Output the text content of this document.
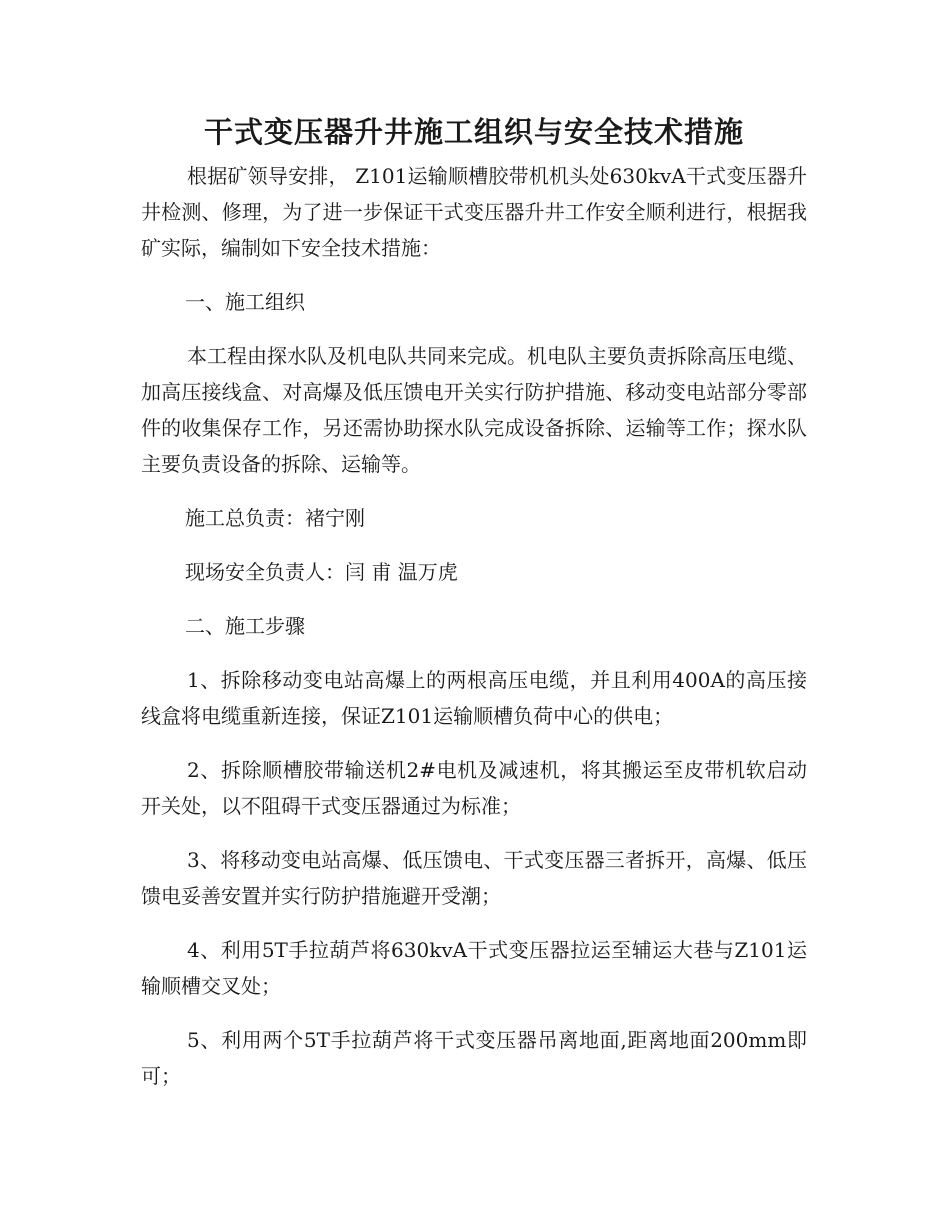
干式变压器升井施工组织与安全技术措施

根据矿领导安排， Z101运输顺槽胶带机机头处630kvA干式变压器升井检测、修理，为了进一步保证干式变压器升井工作安全顺利进行，根据我矿实际，编制如下安全技术措施：

一、施工组织

本工程由探水队及机电队共同来完成。机电队主要负责拆除高压电缆、加高压接线盒、对高爆及低压馈电开关实行防护措施、移动变电站部分零部件的收集保存工作，另还需协助探水队完成设备拆除、运输等工作；探水队主要负责设备的拆除、运输等。

施工总负责：褚宁刚

现场安全负责人：闫 甫 温万虎

二、施工步骤

1、拆除移动变电站高爆上的两根高压电缆，并且利用400A的高压接线盒将电缆重新连接，保证Z101运输顺槽负荷中心的供电；

2、拆除顺槽胶带输送机2#电机及减速机，将其搬运至皮带机软启动开关处，以不阻碍干式变压器通过为标准；

3、将移动变电站高爆、低压馈电、干式变压器三者拆开，高爆、低压馈电妥善安置并实行防护措施避开受潮；

4、利用5T手拉葫芦将630kvA干式变压器拉运至辅运大巷与Z101运输顺槽交叉处；

5、利用两个5T手拉葫芦将干式变压器吊离地面,距离地面200mm即可；
